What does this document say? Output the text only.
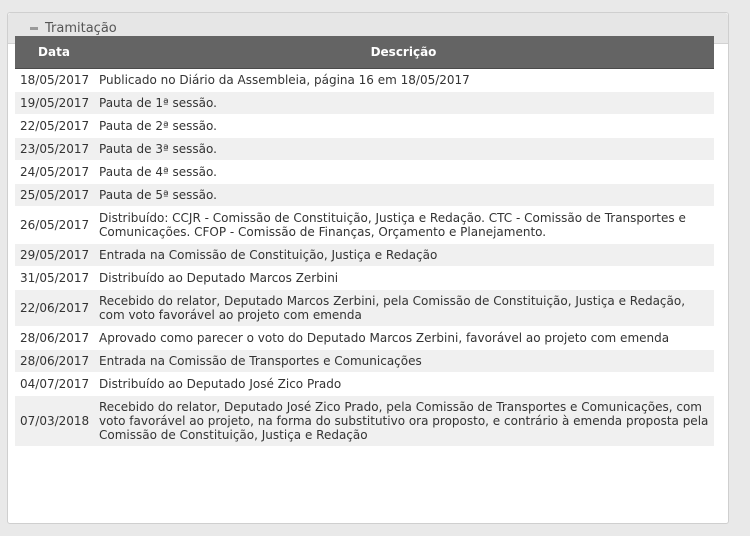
Tramitação
Data	Descrição
18/05/2017	Publicado no Diário da Assembleia, página 16 em 18/05/2017
19/05/2017	Pauta de 1ª sessão.
22/05/2017	Pauta de 2ª sessão.
23/05/2017	Pauta de 3ª sessão.
24/05/2017	Pauta de 4ª sessão.
25/05/2017	Pauta de 5ª sessão.
26/05/2017	Distribuído: CCJR - Comissão de Constituição, Justiça e Redação. CTC - Comissão de Transportes e Comunicações. CFOP - Comissão de Finanças, Orçamento e Planejamento.
29/05/2017	Entrada na Comissão de Constituição, Justiça e Redação
31/05/2017	Distribuído ao Deputado Marcos Zerbini
22/06/2017	Recebido do relator, Deputado Marcos Zerbini, pela Comissão de Constituição, Justiça e Redação, com voto favorável ao projeto com emenda
28/06/2017	Aprovado como parecer o voto do Deputado Marcos Zerbini, favorável ao projeto com emenda
28/06/2017	Entrada na Comissão de Transportes e Comunicações
04/07/2017	Distribuído ao Deputado José Zico Prado
07/03/2018	Recebido do relator, Deputado José Zico Prado, pela Comissão de Transportes e Comunicações, com voto favorável ao projeto, na forma do substitutivo ora proposto, e contrário à emenda proposta pela Comissão de Constituição, Justiça e Redação
